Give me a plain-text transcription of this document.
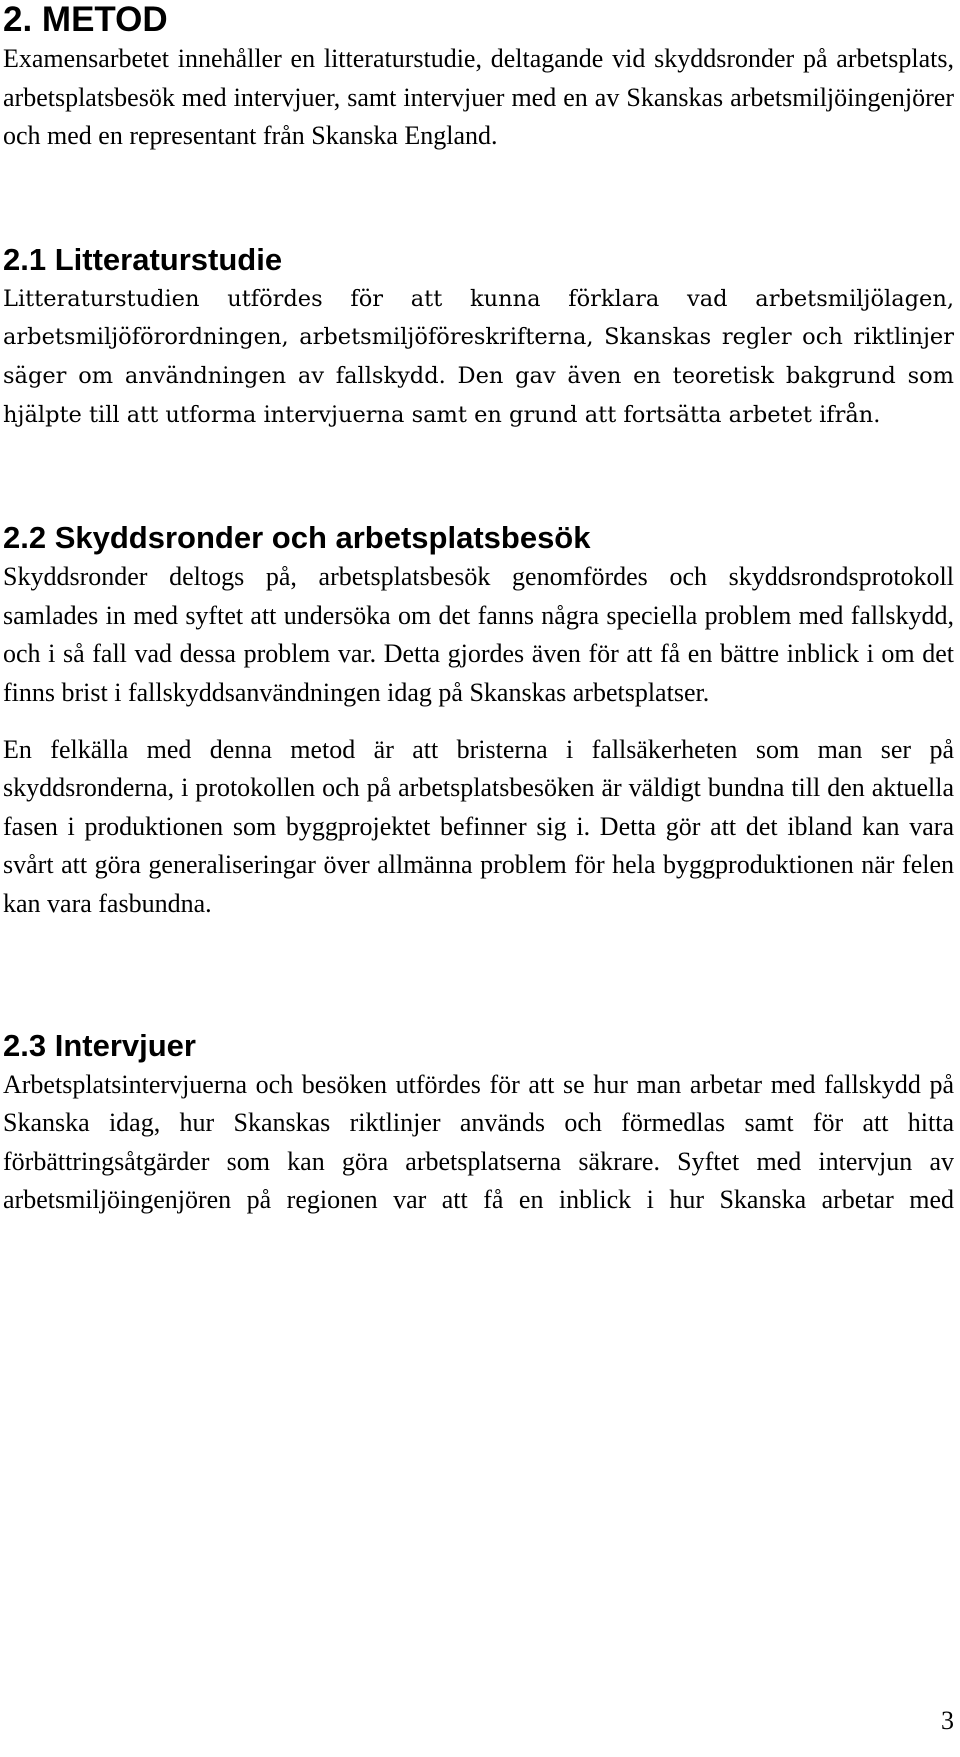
2. METOD

Examensarbetet innehåller en litteraturstudie, deltagande vid skyddsronder på arbetsplats, arbetsplatsbesök med intervjuer, samt intervjuer med en av Skanskas arbetsmiljöingenjörer och med en representant från Skanska England.

2.1 Litteraturstudie

Litteraturstudien utfördes för att kunna förklara vad arbetsmiljölagen, arbetsmiljöförordningen, arbetsmiljöföreskrifterna, Skanskas regler och riktlinjer säger om användningen av fallskydd. Den gav även en teoretisk bakgrund som hjälpte till att utforma intervjuerna samt en grund att fortsätta arbetet ifrån.

2.2 Skyddsronder och arbetsplatsbesök

Skyddsronder deltogs på, arbetsplatsbesök genomfördes och skyddsrondsprotokoll samlades in med syftet att undersöka om det fanns några speciella problem med fallskydd, och i så fall vad dessa problem var. Detta gjordes även för att få en bättre inblick i om det finns brist i fallskyddsanvändningen idag på Skanskas arbetsplatser.

En felkälla med denna metod är att bristerna i fallsäkerheten som man ser på skyddsronderna, i protokollen och på arbetsplatsbesöken är väldigt bundna till den aktuella fasen i produktionen som byggprojektet befinner sig i. Detta gör att det ibland kan vara svårt att göra generaliseringar över allmänna problem för hela byggproduktionen när felen kan vara fasbundna.

2.3 Intervjuer

Arbetsplatsintervjuerna och besöken utfördes för att se hur man arbetar med fallskydd på Skanska idag, hur Skanskas riktlinjer används och förmedlas samt för att hitta förbättringsåtgärder som kan göra arbetsplatserna säkrare. Syftet med intervjun av arbetsmiljöingenjören på regionen var att få en inblick i hur Skanska arbetar med

3
